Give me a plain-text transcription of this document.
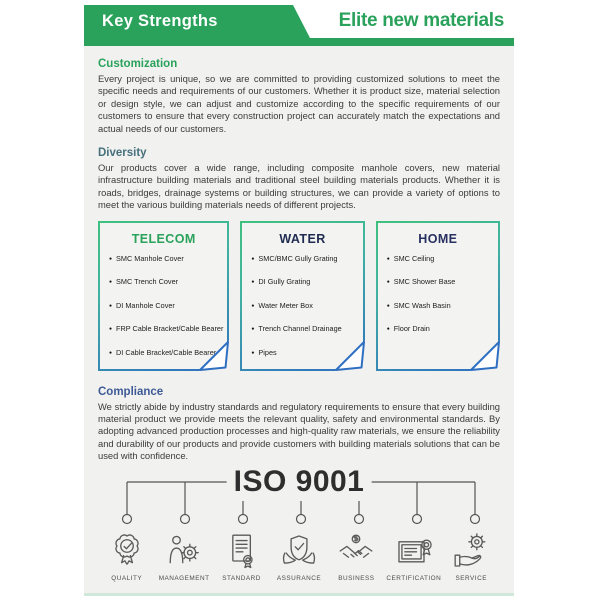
Key Strengths	Elite new materials
Customization

Every project is unique, so we are committed to providing customized solutions to meet the specific needs and requirements of our customers. Whether it is product size, material selection or design style, we can adjust and customize according to the specific requirements of our customers to ensure that every construction project can accurately match the expectations and actual needs of our customers.

Diversity

Our products cover a wide range, including composite manhole covers, new material infrastructure building materials and traditional steel building materials products. Whether it is roads, bridges, drainage systems or building structures, we can provide a variety of options to meet the various building materials needs of different projects.

TELECOM
● SMC Manhole Cover
● SMC Trench Cover
● DI Manhole Cover
● FRP Cable Bracket/Cable Bearer
● DI Cable Bracket/Cable Bearer
WATER
● SMC/BMC Gully Grating
● DI Gully Grating
● Water Meter Box
● Trench Channel Drainage
● Pipes
HOME
● SMC Ceiling
● SMC Shower Base
● SMC Wash Basin
● Floor Drain
Compliance

We strictly abide by industry standards and regulatory requirements to ensure that every building material product we provide meets the relevant quality, safety and environmental standards. By adopting advanced production processes and high-quality raw materials, we ensure the reliability and durability of our products and provide customers with building materials solutions that can be used with confidence.

ISO 9001
QUALITY	MANAGEMENT STANDARD ASSURANCE	BUSINESS CERTIFICATION SERVICE
